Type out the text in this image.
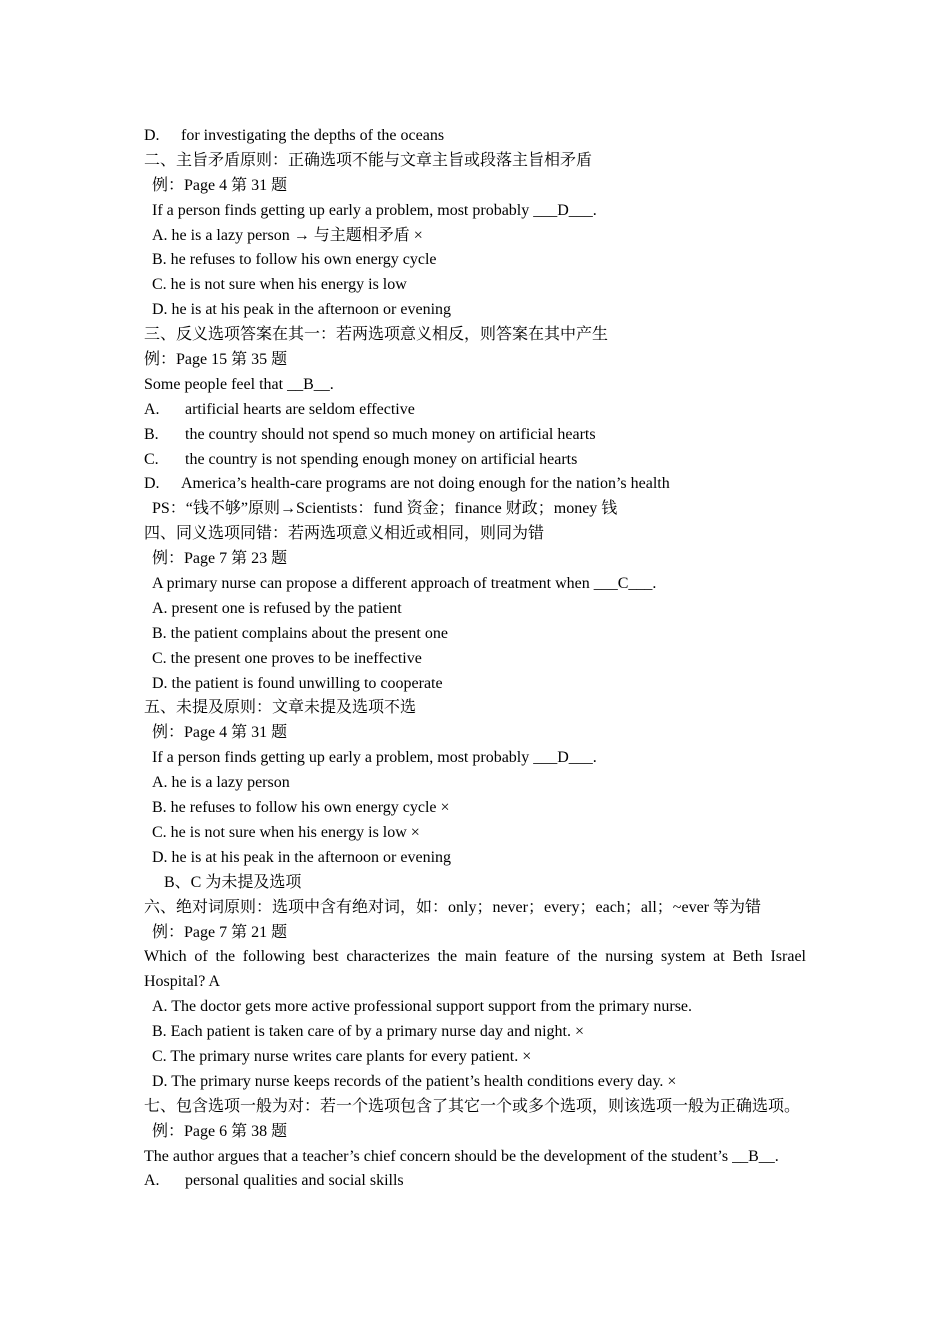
D. for investigating the depths of the oceans
二、主旨矛盾原则：正确选项不能与文章主旨或段落主旨相矛盾
例：Page 4 第 31 题
If a person finds getting up early a problem, most probably ___D___.
A. he is a lazy person → 与主题相矛盾 ×
B. he refuses to follow his own energy cycle
C. he is not sure when his energy is low
D. he is at his peak in the afternoon or evening
三、反义选项答案在其一：若两选项意义相反，则答案在其中产生
例：Page 15 第 35 题
Some people feel that __B__.
A. artificial hearts are seldom effective
B. the country should not spend so much money on artificial hearts
C. the country is not spending enough money on artificial hearts
D. America’s health-care programs are not doing enough for the nation’s health
PS：“钱不够”原则→Scientists：fund 资金；finance 财政；money 钱
四、同义选项同错：若两选项意义相近或相同，则同为错
例：Page 7 第 23 题
A primary nurse can propose a different approach of treatment when ___C___.
A. present one is refused by the patient
B. the patient complains about the present one
C. the present one proves to be ineffective
D. the patient is found unwilling to cooperate
五、未提及原则：文章未提及选项不选
例：Page 4 第 31 题
If a person finds getting up early a problem, most probably ___D___.
A. he is a lazy person
B. he refuses to follow his own energy cycle ×
C. he is not sure when his energy is low ×
D. he is at his peak in the afternoon or evening
B、C 为未提及选项
六、绝对词原则：选项中含有绝对词，如：only；never；every；each；all；~ever 等为错
例：Page 7 第 21 题
Which of the following best characterizes the main feature of the nursing system at Beth Israel Hospital? A
A. The doctor gets more active professional support support from the primary nurse.
B. Each patient is taken care of by a primary nurse day and night. ×
C. The primary nurse writes care plants for every patient. ×
D. The primary nurse keeps records of the patient’s health conditions every day. ×
七、包含选项一般为对：若一个选项包含了其它一个或多个选项，则该选项一般为正确选项。
例：Page 6 第 38 题
The author argues that a teacher’s chief concern should be the development of the student’s __B__.
A. personal qualities and social skills
